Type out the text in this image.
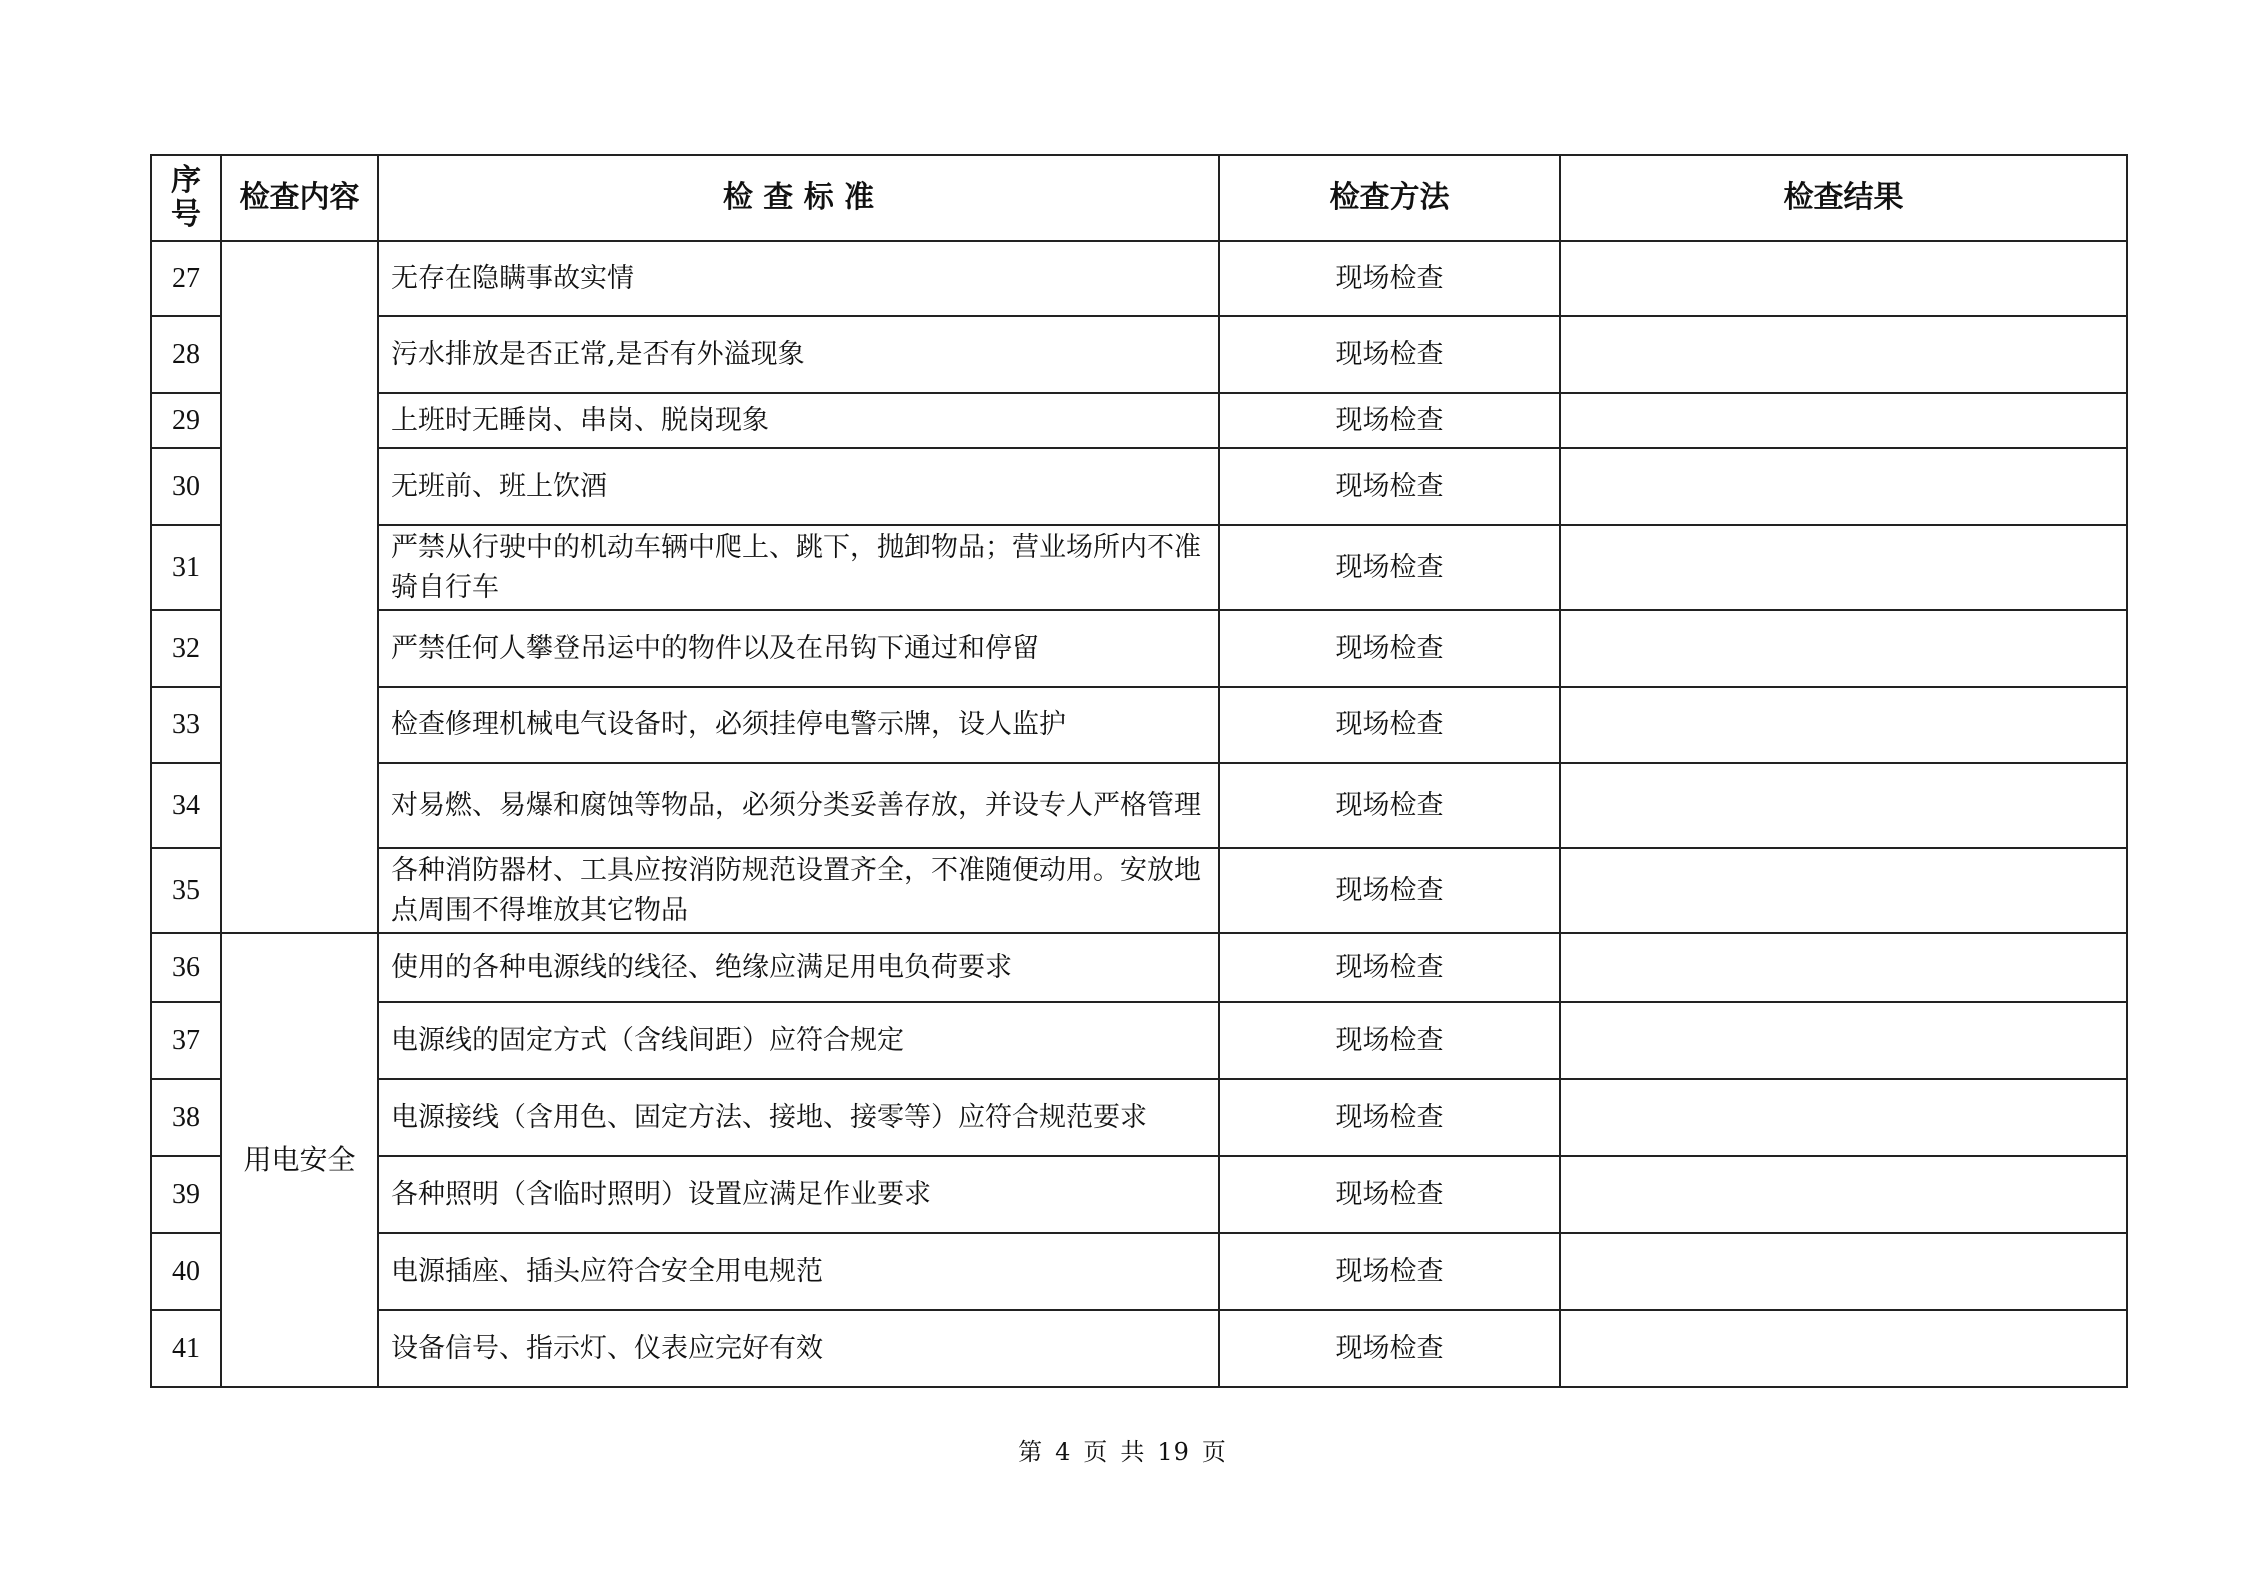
序
号	检查内容	检 查 标 准	检查方法	检查结果
27		无存在隐瞒事故实情	现场检查	
28		污水排放是否正常,是否有外溢现象	现场检查	
29		上班时无睡岗、串岗、脱岗现象	现场检查	
30		无班前、班上饮酒	现场检查	
31		严禁从行驶中的机动车辆中爬上、跳下，抛卸物品；营业场所内不准骑自行车	现场检查	
32		严禁任何人攀登吊运中的物件以及在吊钩下通过和停留	现场检查	
33		检查修理机械电气设备时，必须挂停电警示牌，设人监护	现场检查	
34		对易燃、易爆和腐蚀等物品，必须分类妥善存放，并设专人严格管理	现场检查	
35		各种消防器材、工具应按消防规范设置齐全，不准随便动用。安放地点周围不得堆放其它物品	现场检查	
36	用电安全	使用的各种电源线的线径、绝缘应满足用电负荷要求	现场检查	
37		电源线的固定方式（含线间距）应符合规定	现场检查	
38		电源接线（含用色、固定方法、接地、接零等）应符合规范要求	现场检查	
39		各种照明（含临时照明）设置应满足作业要求	现场检查	
40		电源插座、插头应符合安全用电规范	现场检查	
41		设备信号、指示灯、仪表应完好有效	现场检查	
第 4 页 共 19 页
